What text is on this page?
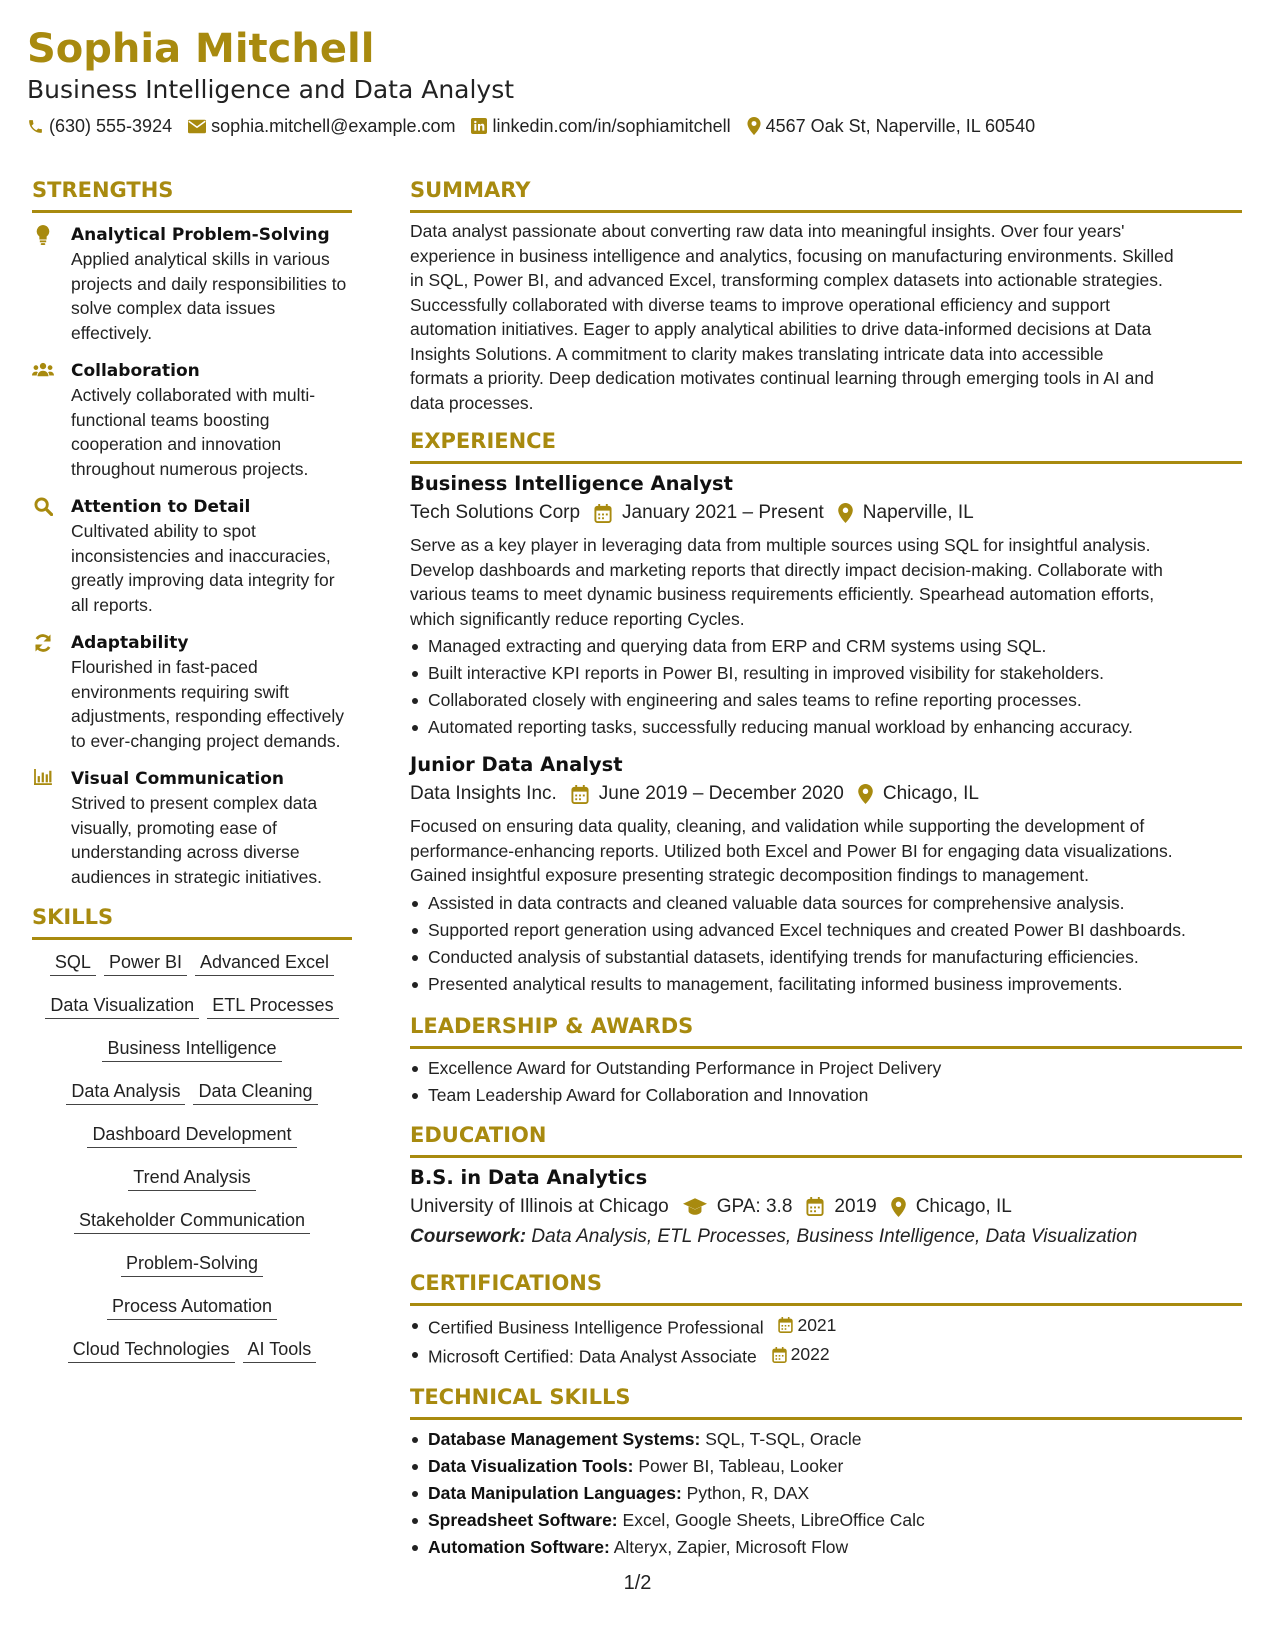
Sophia Mitchell
Business Intelligence and Data Analyst
(630) 555-3924 sophia.mitchell@example.com linkedin.com/in/sophiamitchell 4567 Oak St, Naperville, IL 60540
STRENGTHS
Analytical Problem-Solving
Applied analytical skills in various projects and daily responsibilities to solve complex data issues effectively.
Collaboration
Actively collaborated with multi-functional teams boosting cooperation and innovation throughout numerous projects.
Attention to Detail
Cultivated ability to spot inconsistencies and inaccuracies, greatly improving data integrity for all reports.
Adaptability
Flourished in fast-paced environments requiring swift adjustments, responding effectively to ever-changing project demands.
Visual Communication
Strived to present complex data visually, promoting ease of understanding across diverse audiences in strategic initiatives.
SKILLS
SQL Power BI Advanced Excel
Data Visualization ETL Processes
Business Intelligence
Data Analysis Data Cleaning
Dashboard Development
Trend Analysis
Stakeholder Communication
Problem-Solving
Process Automation
Cloud Technologies AI Tools
SUMMARY
Data analyst passionate about converting raw data into meaningful insights. Over four years'
experience in business intelligence and analytics, focusing on manufacturing environments. Skilled
in SQL, Power BI, and advanced Excel, transforming complex datasets into actionable strategies.
Successfully collaborated with diverse teams to improve operational efficiency and support
automation initiatives. Eager to apply analytical abilities to drive data-informed decisions at Data
Insights Solutions. A commitment to clarity makes translating intricate data into accessible
formats a priority. Deep dedication motivates continual learning through emerging tools in AI and
data processes.
EXPERIENCE
Business Intelligence Analyst
Tech Solutions Corp January 2021 – Present Naperville, IL
Serve as a key player in leveraging data from multiple sources using SQL for insightful analysis.
Develop dashboards and marketing reports that directly impact decision-making. Collaborate with
various teams to meet dynamic business requirements efficiently. Spearhead automation efforts,
which significantly reduce reporting Cycles.
Managed extracting and querying data from ERP and CRM systems using SQL.
Built interactive KPI reports in Power BI, resulting in improved visibility for stakeholders.
Collaborated closely with engineering and sales teams to refine reporting processes.
Automated reporting tasks, successfully reducing manual workload by enhancing accuracy.
Junior Data Analyst
Data Insights Inc. June 2019 – December 2020 Chicago, IL
Focused on ensuring data quality, cleaning, and validation while supporting the development of
performance-enhancing reports. Utilized both Excel and Power BI for engaging data visualizations.
Gained insightful exposure presenting strategic decomposition findings to management.
Assisted in data contracts and cleaned valuable data sources for comprehensive analysis.
Supported report generation using advanced Excel techniques and created Power BI dashboards.
Conducted analysis of substantial datasets, identifying trends for manufacturing efficiencies.
Presented analytical results to management, facilitating informed business improvements.
LEADERSHIP & AWARDS
Excellence Award for Outstanding Performance in Project Delivery
Team Leadership Award for Collaboration and Innovation
EDUCATION
B.S. in Data Analytics
University of Illinois at Chicago	GPA: 3.8 2019 Chicago, IL
Coursework: Data Analysis, ETL Processes, Business Intelligence, Data Visualization
CERTIFICATIONS
Certified Business Intelligence Professional 2021
Microsoft Certified: Data Analyst Associate 2022
TECHNICAL SKILLS
Database Management Systems: SQL, T-SQL, Oracle
Data Visualization Tools: Power BI, Tableau, Looker
Data Manipulation Languages: Python, R, DAX
Spreadsheet Software: Excel, Google Sheets, LibreOffice Calc
Automation Software: Alteryx, Zapier, Microsoft Flow
1/2
